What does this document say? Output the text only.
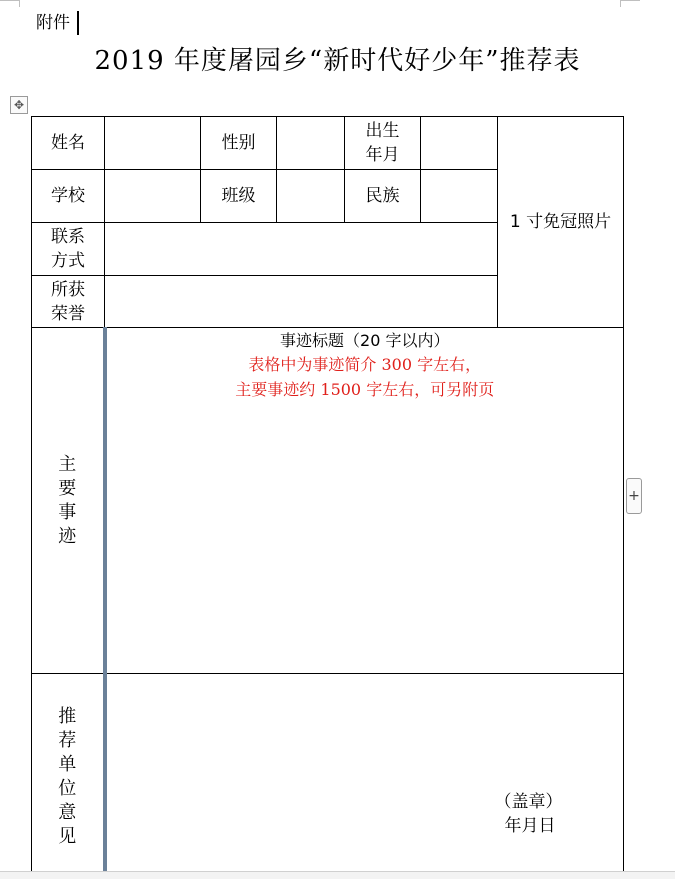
附件
2019 年度屠园乡“新时代好少年”推荐表
✥
+
姓名		性别		出生年月		1 寸免冠照片
学校		班级		民族		

联系方式						

所获荣誉						

主要事迹	事迹标题（20 字以内）
表格中为事迹简介 300 字左右，
主要事迹约 1500 字左右，可另附页					

推荐单位意见	（盖章）
年月日					
